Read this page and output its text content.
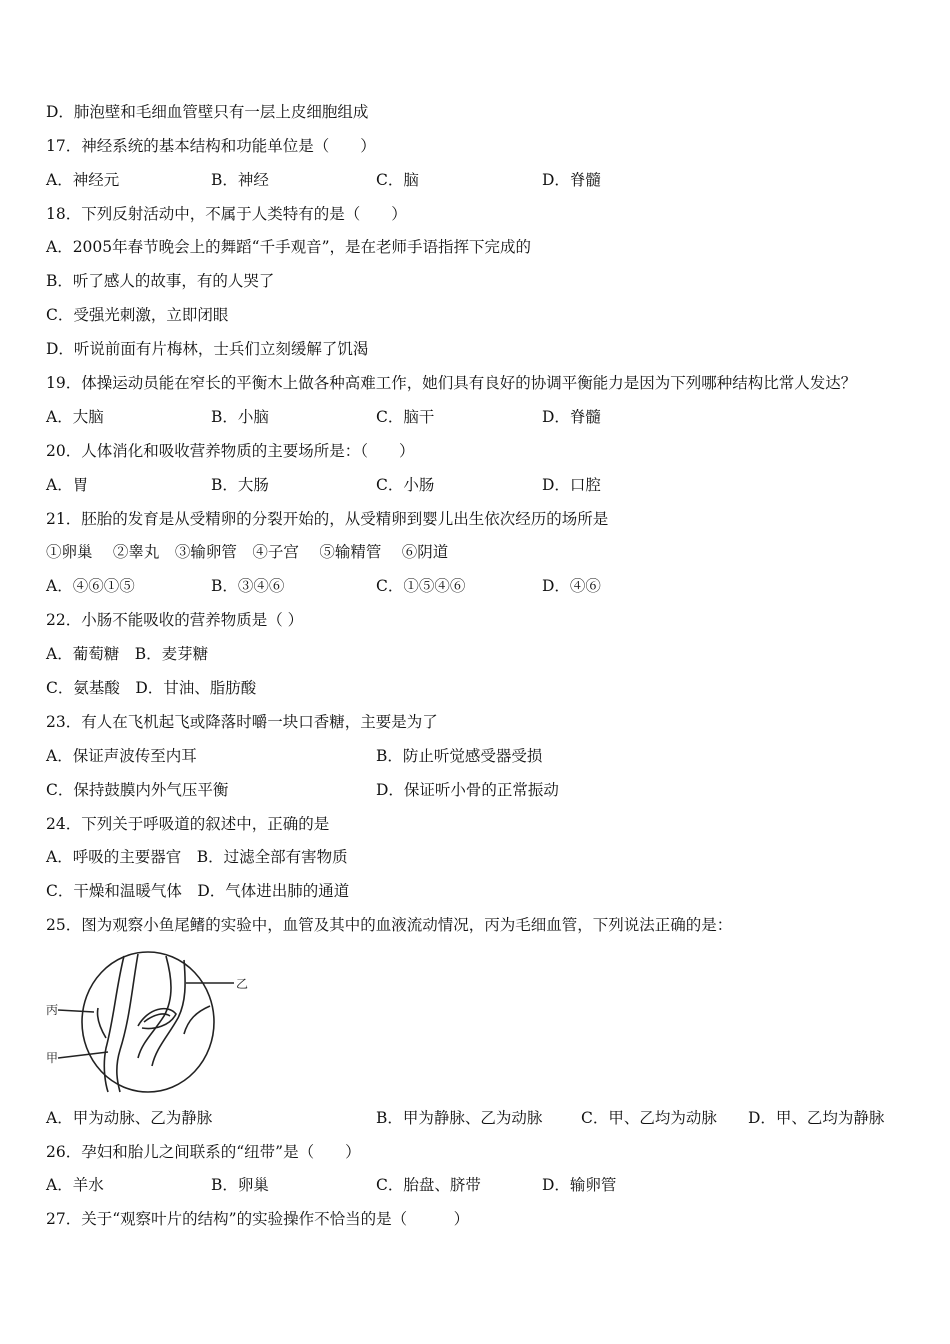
D．肺泡壁和毛细血管壁只有一层上皮细胞组成
17．神经系统的基本结构和功能单位是（　　）
A．神经元	B．神经	C．脑	D．脊髓
18．下列反射活动中，不属于人类特有的是（　　）
A．2005年春节晚会上的舞蹈“千手观音”，是在老师手语指挥下完成的
B．听了感人的故事，有的人哭了
C．受强光刺激，立即闭眼
D．听说前面有片梅林，士兵们立刻缓解了饥渴
19．体操运动员能在窄长的平衡木上做各种高难工作，她们具有良好的协调平衡能力是因为下列哪种结构比常人发达？
A．大脑	B．小脑	C．脑干	D．脊髓
20．人体消化和吸收营养物质的主要场所是：（　　）
A．胃	B．大肠	C．小肠	D．口腔
21．胚胎的发育是从受精卵的分裂开始的，从受精卵到婴儿出生依次经历的场所是
①卵巢　 ②睾丸　③输卵管　④子宫　 ⑤输精管　 ⑥阴道
A．④⑥①⑤	B．③④⑥	C．①⑤④⑥	D．④⑥
22．小肠不能吸收的营养物质是（ ）
A．葡萄糖　B．麦芽糖
C．氨基酸　D．甘油、脂肪酸
23．有人在飞机起飞或降落时嚼一块口香糖，主要是为了
A．保证声波传至内耳	B．防止听觉感受器受损
C．保持鼓膜内外气压平衡	D．保证听小骨的正常振动
24．下列关于呼吸道的叙述中，正确的是
A．呼吸的主要器官　B．过滤全部有害物质
C．干燥和温暖气体　D．气体进出肺的通道
25．图为观察小鱼尾鳍的实验中，血管及其中的血液流动情况，丙为毛细血管，下列说法正确的是：
乙
丙
甲
A．甲为动脉、乙为静脉	B．甲为静脉、乙为动脉 C．甲、乙均为动脉 D．甲、乙均为静脉
26．孕妇和胎儿之间联系的“纽带”是（　　）
A．羊水	B．卵巢	C．胎盘、脐带	D．输卵管
27．关于“观察叶片的结构”的实验操作不恰当的是（　　　）
